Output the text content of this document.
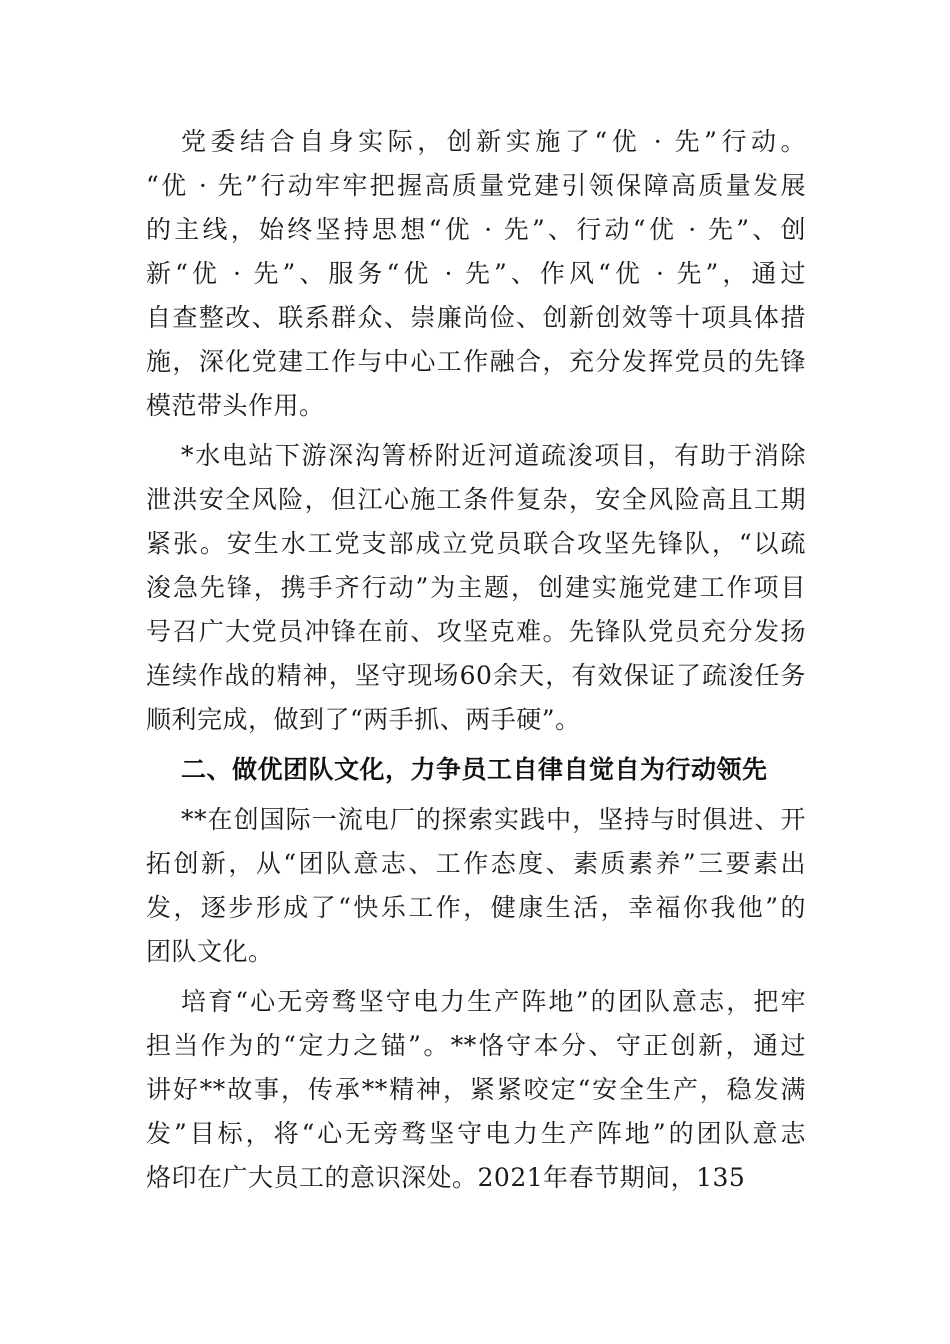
党委结合自身实际，创新实施了“优 · 先”行动。
“优 · 先”行动牢牢把握高质量党建引领保障高质量发展
的主线，始终坚持思想“优 · 先”、行动“优 · 先”、创
新“优 · 先”、服务“优 · 先”、作风“优 · 先”，通过
自查整改、联系群众、崇廉尚俭、创新创效等十项具体措
施，深化党建工作与中心工作融合，充分发挥党员的先锋
模范带头作用。
*水电站下游深沟箐桥附近河道疏浚项目，有助于消除
泄洪安全风险，但江心施工条件复杂，安全风险高且工期
紧张。安生水工党支部成立党员联合攻坚先锋队，“以疏
浚急先锋，携手齐行动”为主题，创建实施党建工作项目
号召广大党员冲锋在前、攻坚克难。先锋队党员充分发扬
连续作战的精神，坚守现场60余天，有效保证了疏浚任务
顺利完成，做到了“两手抓、两手硬”。
二、做优团队文化，力争员工自律自觉自为行动领先
**在创国际一流电厂的探索实践中，坚持与时俱进、开
拓创新，从“团队意志、工作态度、素质素养”三要素出
发，逐步形成了“快乐工作，健康生活，幸福你我他”的
团队文化。
培育“心无旁骛坚守电力生产阵地”的团队意志，把牢
担当作为的“定力之锚”。**恪守本分、守正创新，通过
讲好**故事，传承**精神，紧紧咬定“安全生产，稳发满
发”目标，将“心无旁骛坚守电力生产阵地”的团队意志
烙印在广大员工的意识深处。2021年春节期间，135
